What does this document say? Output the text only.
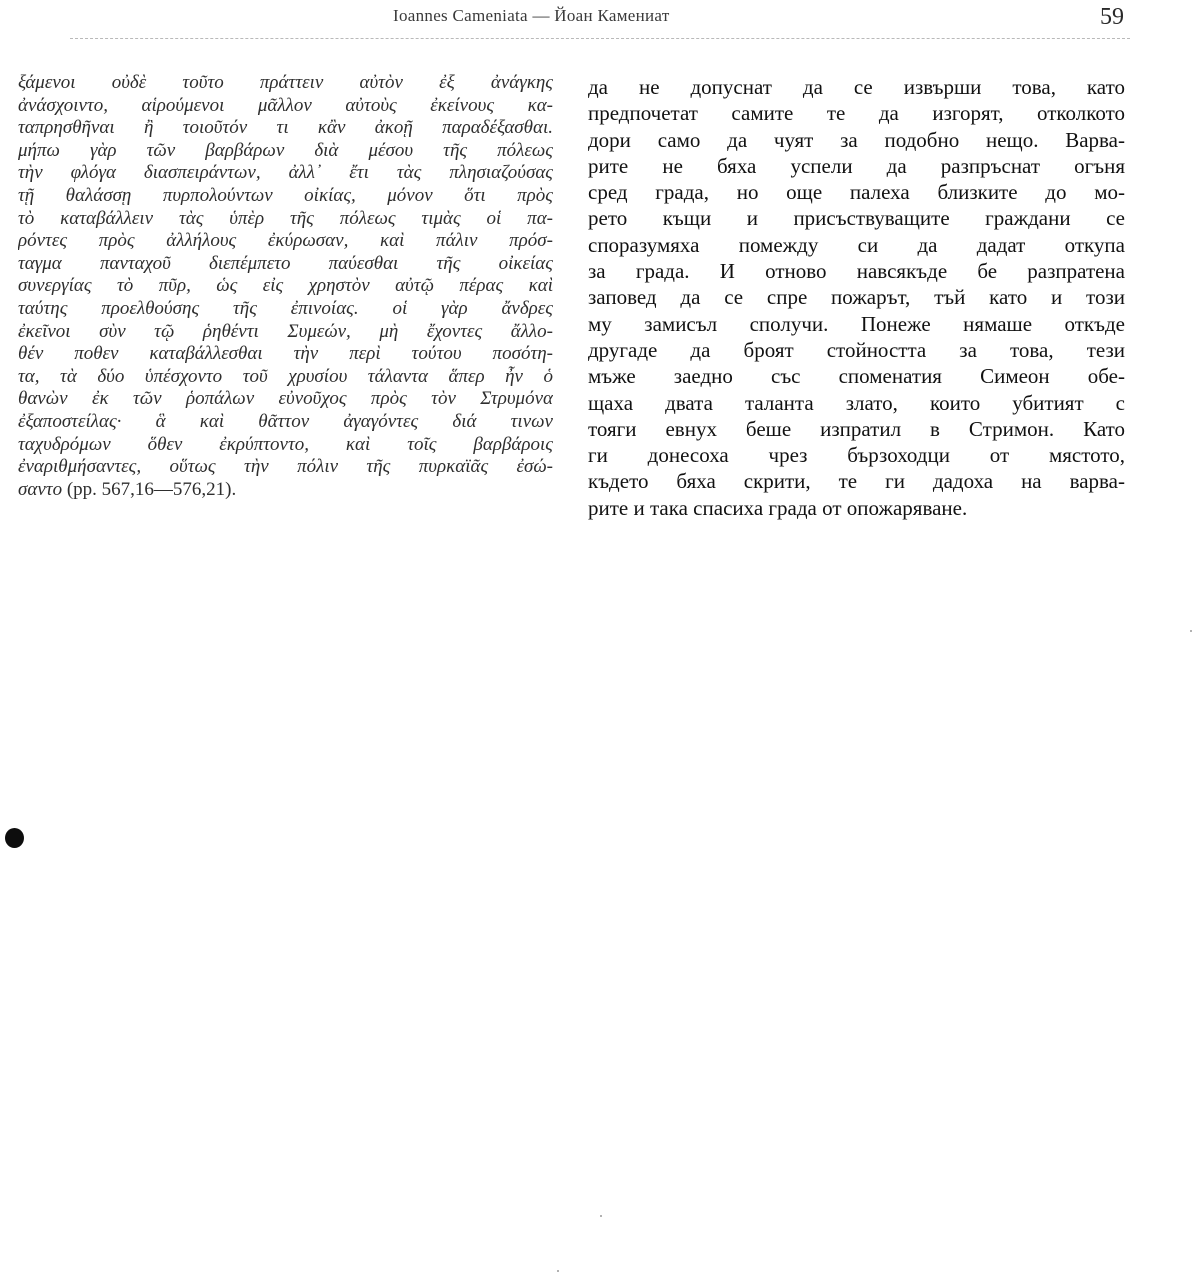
Ioannes Cameniata — Йоан Камениат	59
ξάμενοι οὐδὲ τοῦτο πράττειν αὐτὸν ἐξ ἀνάγκης
ἀνάσχοιντο, αἱρούμενοι μᾶλλον αὐτοὺς ἐκείνους κα-
ταπρησθῆναι ἢ τοιοῦτόν τι κἂν ἀκοῇ παραδέξασθαι.
μήπω γὰρ τῶν βαρβάρων διὰ μέσου τῆς πόλεως
τὴν φλόγα διασπειράντων, ἀλλ᾽ ἔτι τὰς πλησιαζούσας
τῇ θαλάσσῃ πυρπολούντων οἰκίας, μόνον ὅτι πρὸς
τὸ καταβάλλειν τὰς ὑπὲρ τῆς πόλεως τιμὰς οἱ πα-
ρόντες πρὸς ἀλλήλους ἐκύρωσαν, καὶ πάλιν πρόσ-
ταγμα πανταχοῦ διεπέμπετο παύεσθαι τῆς οἰκείας
συνεργίας τὸ πῦρ, ὡς εἰς χρηστὸν αὐτῷ πέρας καὶ
ταύτης προελθούσης τῆς ἐπινοίας. οἱ γὰρ ἄνδρες
ἐκεῖνοι σὺν τῷ ῥηθέντι Συμεών, μὴ ἔχοντες ἄλλο-
θέν ποθεν καταβάλλεσθαι τὴν περὶ τούτου ποσότη-
τα, τὰ δύο ὑπέσχοντο τοῦ χρυσίου τάλαντα ἅπερ ἦν ὁ
θανὼν ἐκ τῶν ῥοπάλων εὐνοῦχος πρὸς τὸν Στρυμόνα
ἐξαποστείλας· ἃ καὶ θᾶττον ἀγαγόντες διά τινων
ταχυδρόμων ὅθεν ἐκρύπτοντο, καὶ τοῖς βαρβάροις
ἐναριθμήσαντες, οὕτως τὴν πόλιν τῆς πυρκαϊᾶς ἐσώ-
σαντο (pp. 567,16—576,21).
да не допуснат да се извърши това, като
предпочетат самите те да изгорят, отколкото
дори само да чуят за подобно нещо. Варва-
рите не бяха успели да разпръснат огъня
сред града, но още палеха близките до мо-
рето къщи и присъствуващите граждани се
споразумяха помежду си да дадат откупа
за града. И отново навсякъде бе разпратена
заповед да се спре пожарът, тъй като и този
му замисъл сполучи. Понеже нямаше откъде
другаде да броят стойността за това, тези
мъже заедно със споменатия Симеон обе-
щаха двата таланта злато, които убитият с
тояги евнух беше изпратил в Стримон. Като
ги донесоха чрез бързоходци от мястото,
където бяха скрити, те ги дадоха на варва-
рите и така спасиха града от опожаряване.
